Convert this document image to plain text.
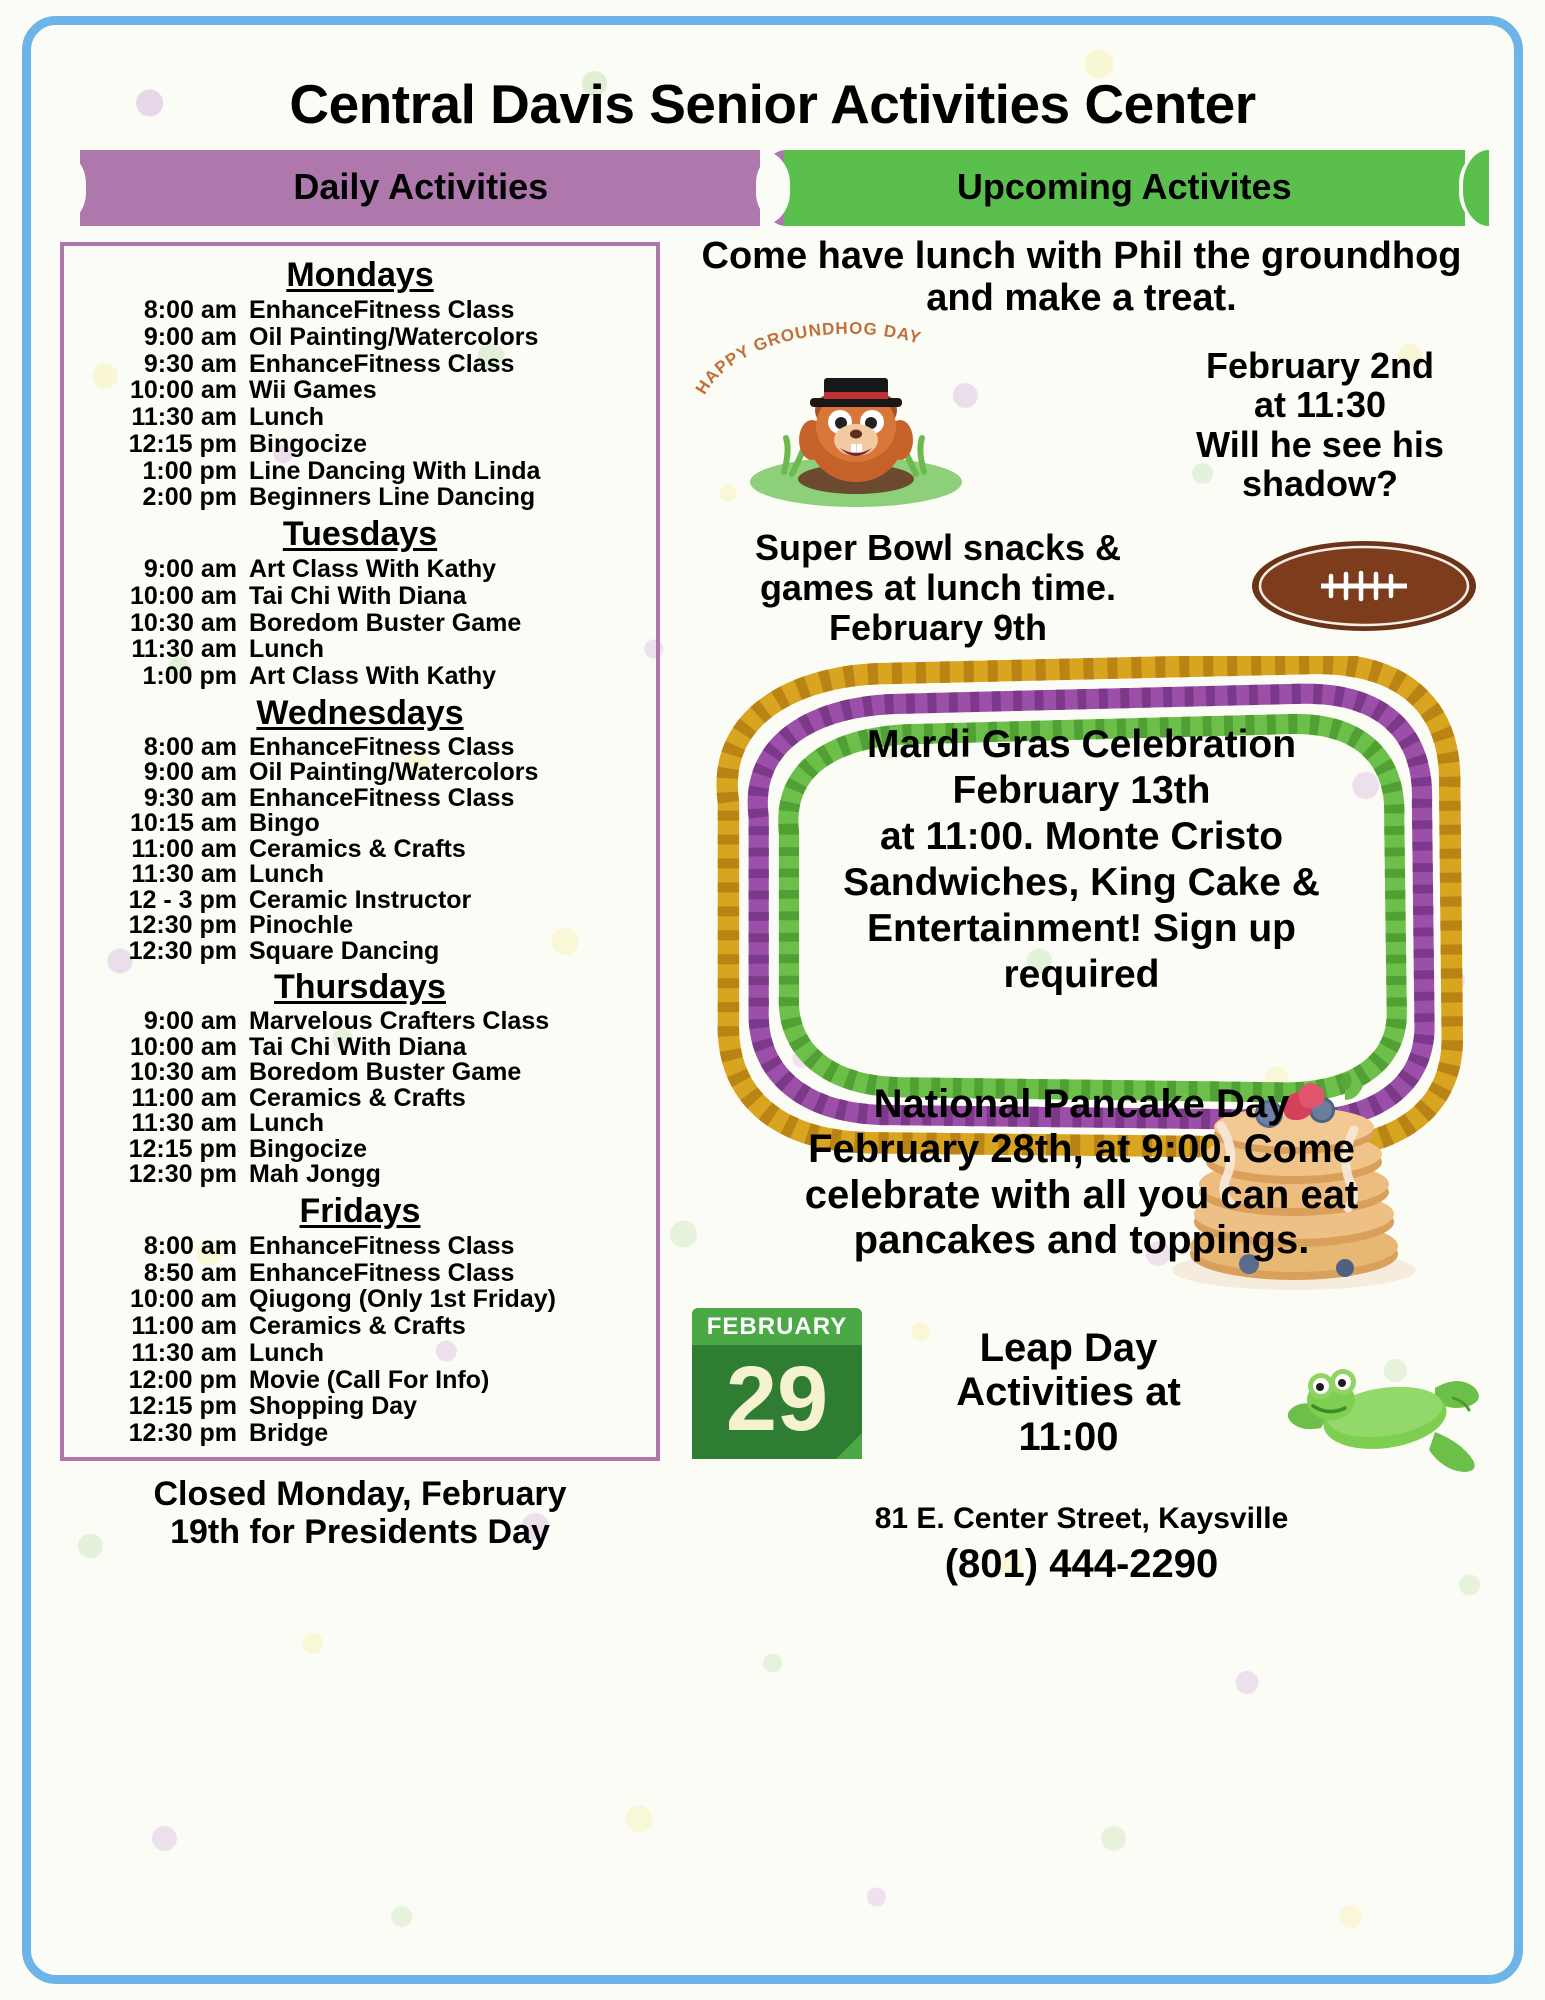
Central Davis Senior Activities Center
Daily Activities	Upcoming Activites
Mondays
8:00 am EnhanceFitness Class
9:00 am Oil Painting/Watercolors
9:30 am EnhanceFitness Class
10:00 am Wii Games
11:30 am Lunch
12:15 pm Bingocize
1:00 pm Line Dancing With Linda
2:00 pm Beginners Line Dancing
Tuesdays
9:00 am Art Class With Kathy
10:00 am Tai Chi With Diana
10:30 am Boredom Buster Game
11:30 am Lunch
1:00 pm Art Class With Kathy
Wednesdays
8:00 am EnhanceFitness Class
9:00 am Oil Painting/Watercolors
9:30 am EnhanceFitness Class
10:15 am Bingo
11:00 am Ceramics & Crafts
11:30 am Lunch
12 - 3 pm Ceramic Instructor
12:30 pm Pinochle
12:30 pm Square Dancing
Thursdays
9:00 am Marvelous Crafters Class
10:00 am Tai Chi With Diana
10:30 am Boredom Buster Game
11:00 am Ceramics & Crafts
11:30 am Lunch
12:15 pm Bingocize
12:30 pm Mah Jongg
Fridays
8:00 am EnhanceFitness Class
8:50 am EnhanceFitness Class
10:00 am Qiugong (Only 1st Friday)
11:00 am Ceramics & Crafts
11:30 am Lunch
12:00 pm Movie (Call For Info)
12:15 pm Shopping Day
12:30 pm Bridge
Closed Monday, February
19th for Presidents Day
Come have lunch with Phil the groundhog and make a treat.
HAPPY GROUNDHOG DAY
February 2nd
at 11:30
Will he see his
shadow?
Super Bowl snacks &
games at lunch time.
February 9th
Mardi Gras Celebration
February 13th
at 11:00. Monte Cristo
Sandwiches, King Cake &
Entertainment! Sign up
required
National Pancake Day
February 28th, at 9:00. Come
celebrate with all you can eat
pancakes and toppings.
FEBRUARY
29	Leap Day
Activities at
11:00
81 E. Center Street, Kaysville
(801) 444-2290
